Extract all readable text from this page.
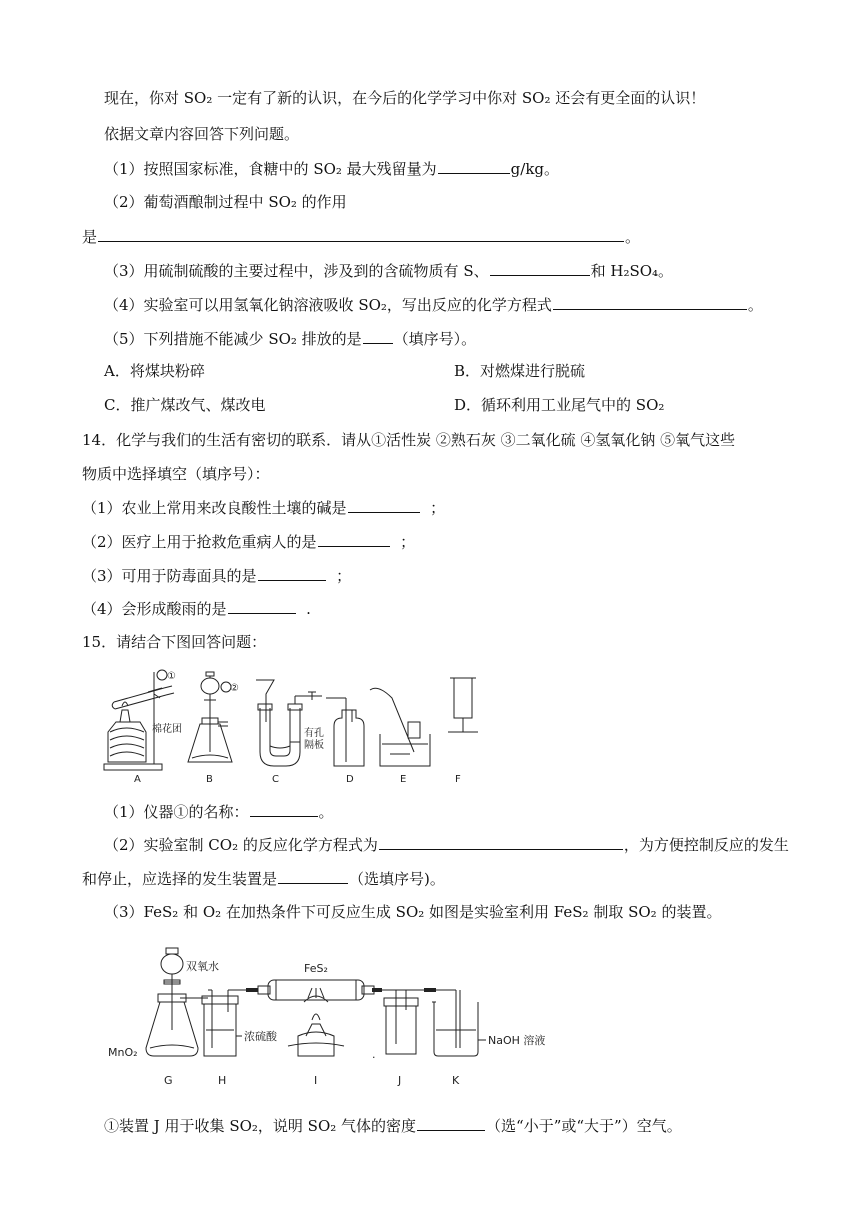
现在，你对 SO₂ 一定有了新的认识，在今后的化学学习中你对 SO₂ 还会有更全面的认识！
依据文章内容回答下列问题。
（1）按照国家标准，食糖中的 SO₂ 最大残留量为	g/kg。
（2）葡萄酒酿制过程中 SO₂ 的作用
是	。
（3）用硫制硫酸的主要过程中，涉及到的含硫物质有 S、	和 H₂SO₄。
（4）实验室可以用氢氧化钠溶液吸收 SO₂，写出反应的化学方程式	。
（5）下列措施不能减少 SO₂ 排放的是 （填序号）。
A．将煤块粉碎	B．对燃煤进行脱硫
C．推广煤改气、煤改电	D．循环利用工业尾气中的 SO₂
14．化学与我们的生活有密切的联系．请从①活性炭 ②熟石灰 ③二氧化硫 ④氢氧化钠 ⑤氧气这些
物质中选择填空（填序号）：
（1）农业上常用来改良酸性土壤的碱是	；
（2）医疗上用于抢救危重病人的是	；
（3）可用于防毒面具的是	；
（4）会形成酸雨的是	.
15．请结合下图回答问题：
①
②
棉花团	有孔
隔板
A	B	C	D	E	F
（1）仪器①的名称：	。
（2）实验室制 CO₂ 的反应化学方程式为	，为方便控制反应的发生
和停止，应选择的发生装置是	（选填序号)。
（3）FeS₂ 和 O₂ 在加热条件下可反应生成 SO₂ 如图是实验室利用 FeS₂ 制取 SO₂ 的装置。
双氧水	FeS₂
浓硫酸
MnO₂
NaOH 溶液
.
G	H	I	J	K
①装置 J 用于收集 SO₂，说明 SO₂ 气体的密度	（选“小于”或“大于”）空气。
